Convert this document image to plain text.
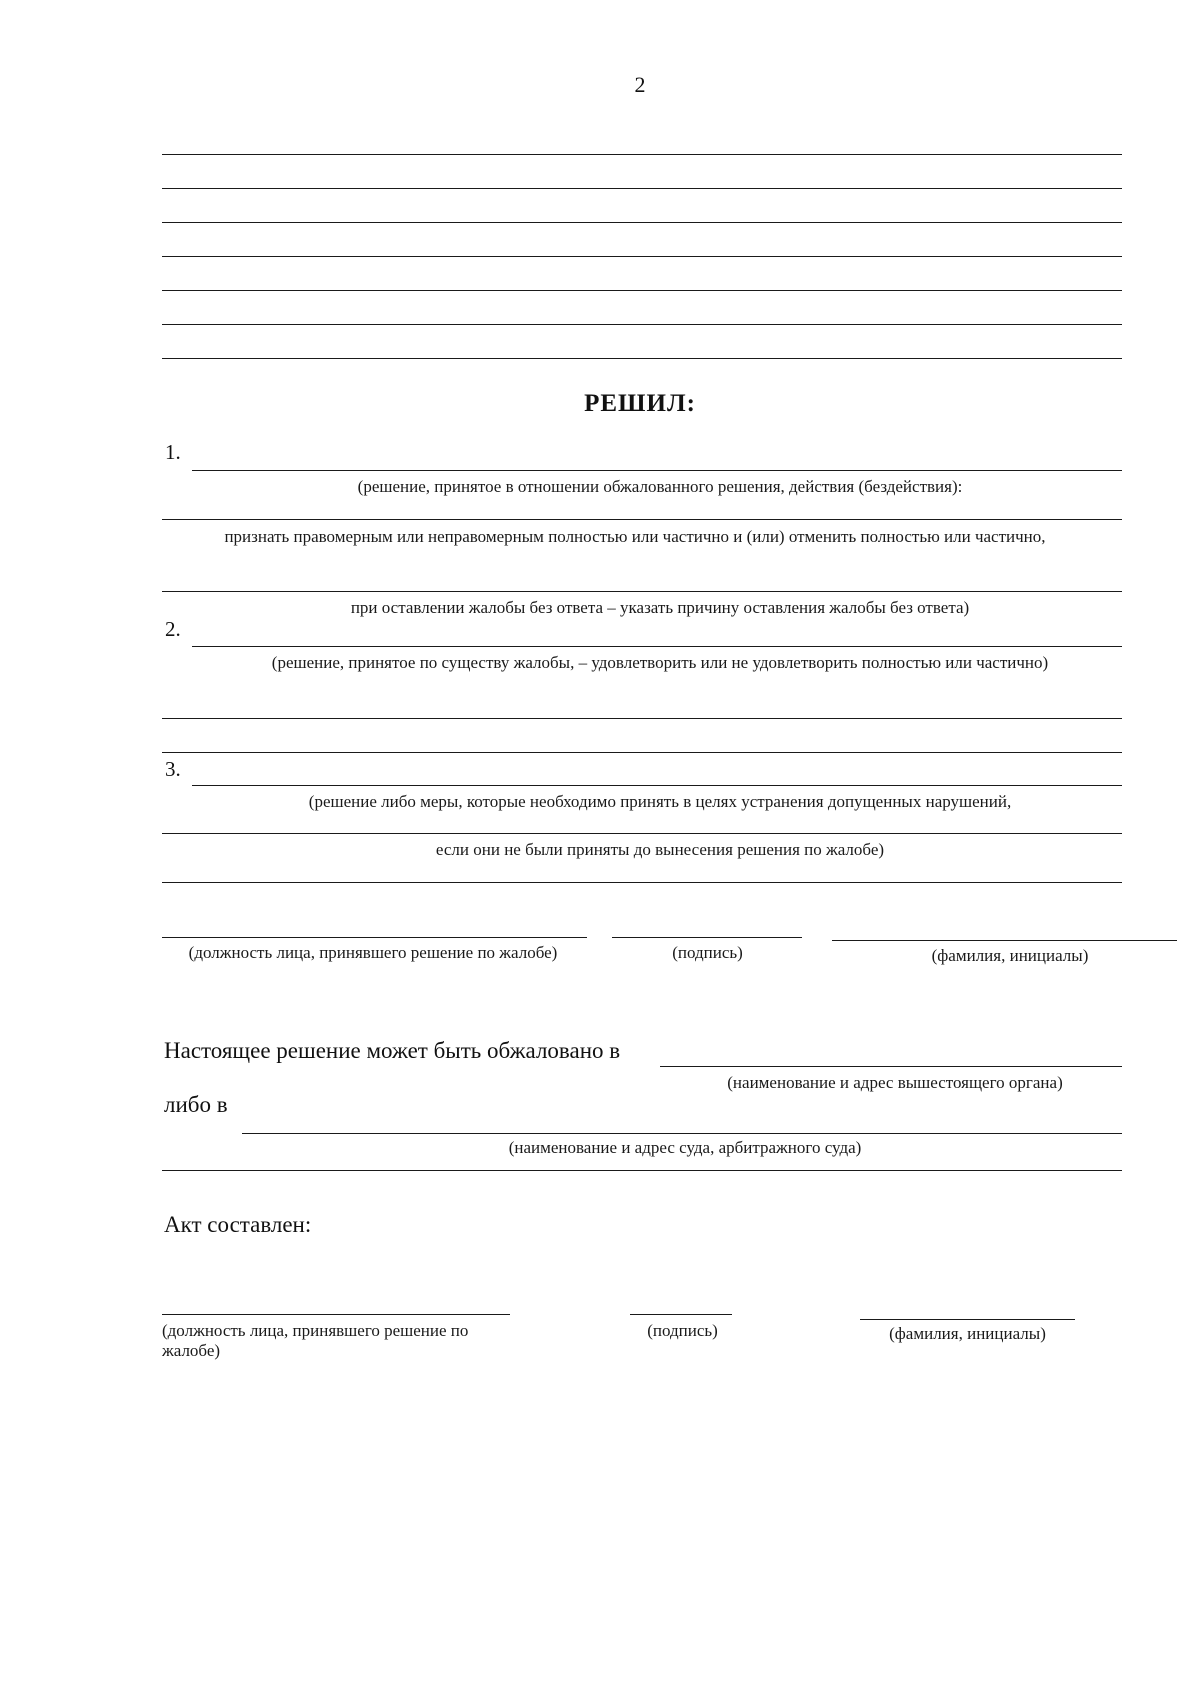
2
РЕШИЛ:
1.
(решение, принятое в отношении обжалованного решения, действия (бездействия):
признать правомерным или неправомерным полностью или частично и (или) отменить полностью или частично,
при оставлении жалобы без ответа – указать причину оставления жалобы без ответа)
2.
(решение, принятое по существу жалобы, – удовлетворить или не удовлетворить полностью или частично)
3.
(решение либо меры, которые необходимо принять в целях устранения допущенных нарушений,
если они не были приняты до вынесения решения по жалобе)
(должность лица, принявшего решение по жалобе)	(подпись)	(фамилия, инициалы)
Настоящее решение может быть обжаловано в
(наименование и адрес вышестоящего органа)
либо в
(наименование и адрес суда, арбитражного суда)
Акт составлен:
(должность лица, принявшего решение по жалобе)
(подпись)	(фамилия, инициалы)
